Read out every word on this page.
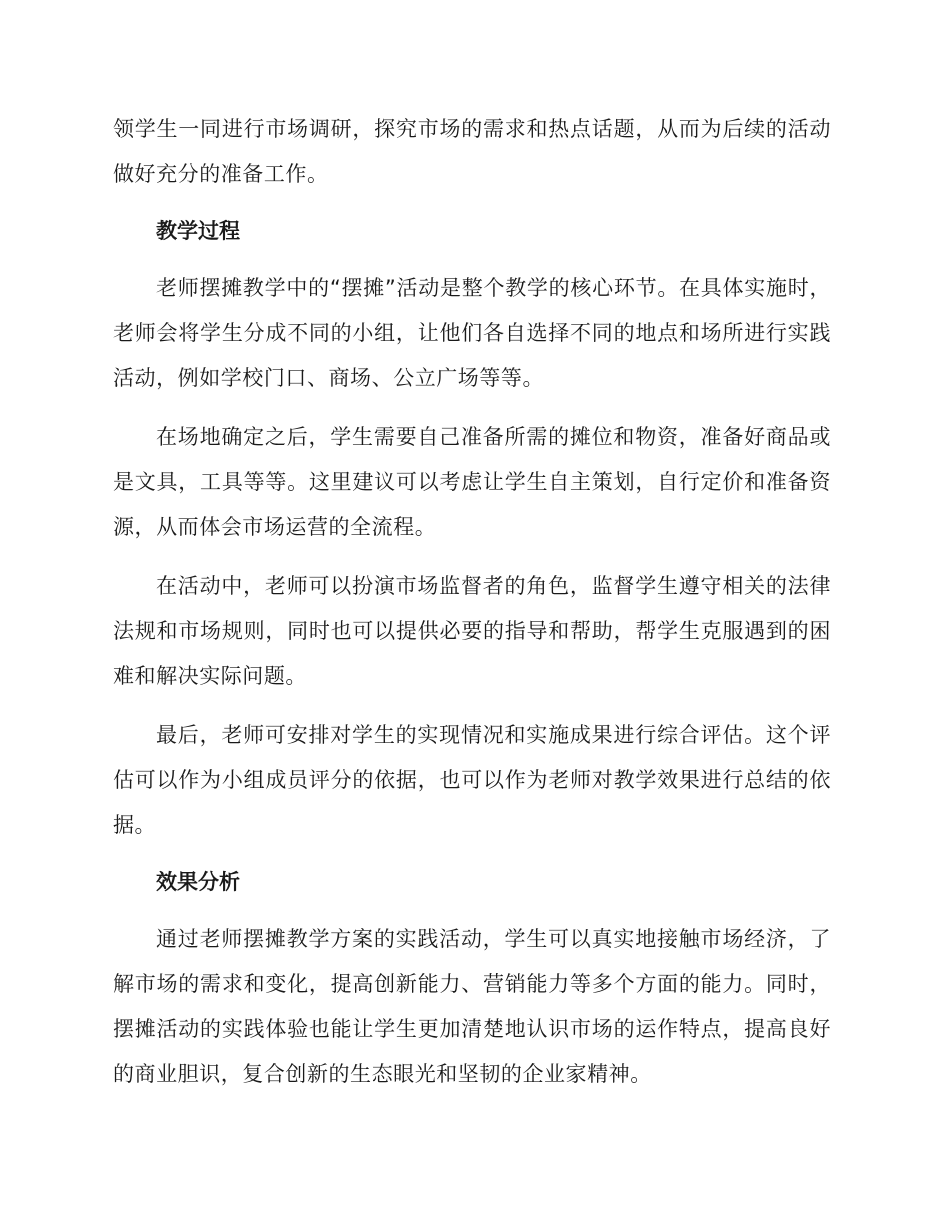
领学生一同进行市场调研，探究市场的需求和热点话题，从而为后续的活动做好充分的准备工作。

教学过程

老师摆摊教学中的“摆摊”活动是整个教学的核心环节。在具体实施时，老师会将学生分成不同的小组，让他们各自选择不同的地点和场所进行实践活动，例如学校门口、商场、公立广场等等。

在场地确定之后，学生需要自己准备所需的摊位和物资，准备好商品或是文具，工具等等。这里建议可以考虑让学生自主策划，自行定价和准备资源，从而体会市场运营的全流程。

在活动中，老师可以扮演市场监督者的角色，监督学生遵守相关的法律法规和市场规则，同时也可以提供必要的指导和帮助，帮学生克服遇到的困难和解决实际问题。

最后，老师可安排对学生的实现情况和实施成果进行综合评估。这个评估可以作为小组成员评分的依据，也可以作为老师对教学效果进行总结的依据。

效果分析

通过老师摆摊教学方案的实践活动，学生可以真实地接触市场经济，了解市场的需求和变化，提高创新能力、营销能力等多个方面的能力。同时，摆摊活动的实践体验也能让学生更加清楚地认识市场的运作特点，提高良好的商业胆识，复合创新的生态眼光和坚韧的企业家精神。
